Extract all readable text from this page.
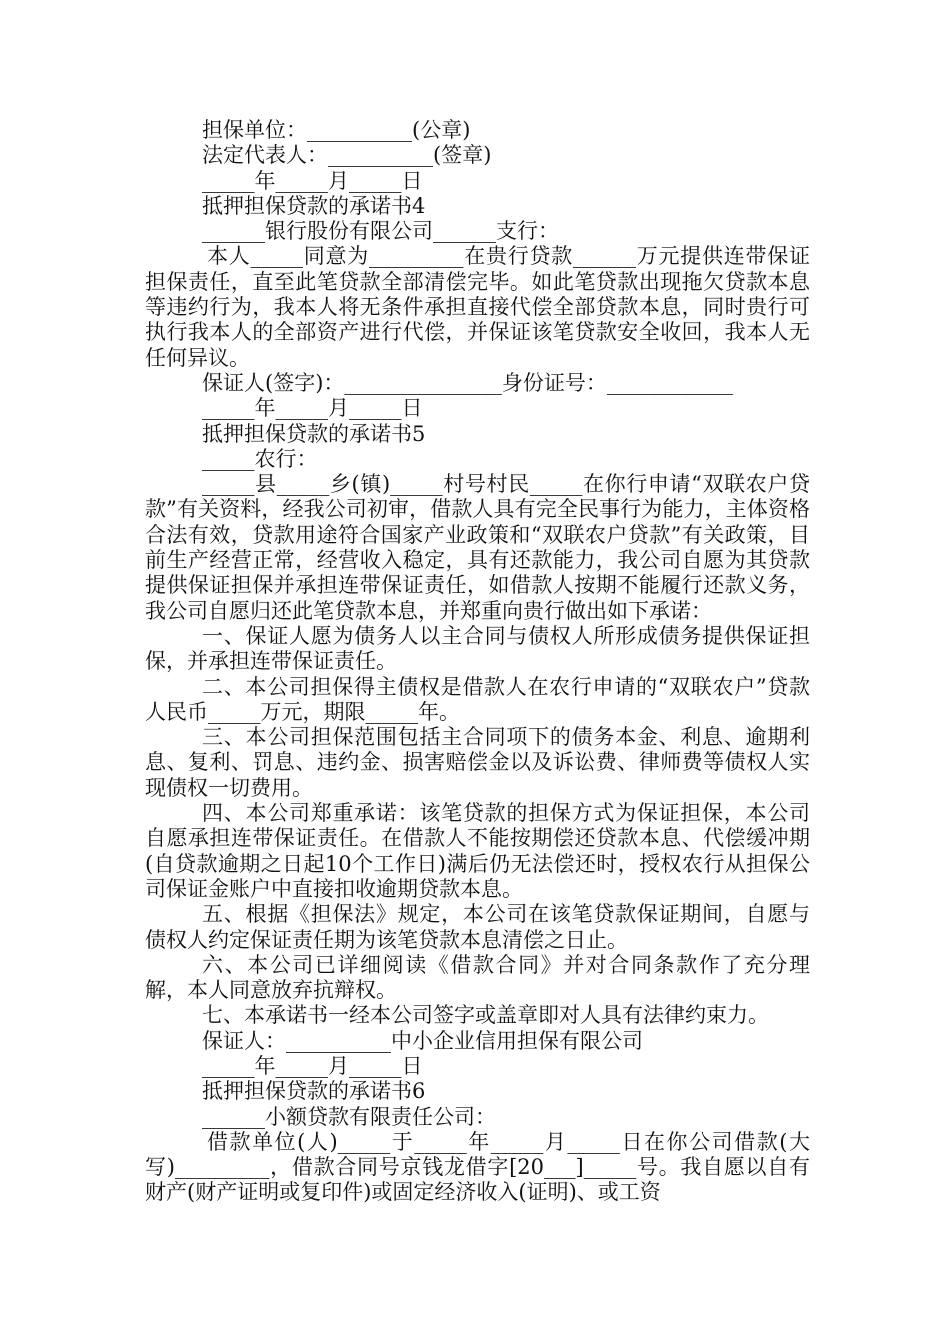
担保单位：__________(公章)

法定代表人：__________(签章)

_____年_____月_____日

抵押担保贷款的承诺书4

______银行股份有限公司______支行：

本人_____同意为_________在贵行贷款______万元提供连带保证担保责任，直至此笔贷款全部清偿完毕。如此笔贷款出现拖欠贷款本息等违约行为，我本人将无条件承担直接代偿全部贷款本息，同时贵行可执行我本人的全部资产进行代偿，并保证该笔贷款安全收回，我本人无任何异议。

保证人(签字)：_______________身份证号：____________

_____年_____月_____日

抵押担保贷款的承诺书5

_____农行：

_____县_____乡(镇)_____村号村民_____在你行申请“双联农户贷款”有关资料，经我公司初审，借款人具有完全民事行为能力，主体资格合法有效，贷款用途符合国家产业政策和“双联农户贷款”有关政策，目前生产经营正常，经营收入稳定，具有还款能力，我公司自愿为其贷款提供保证担保并承担连带保证责任，如借款人按期不能履行还款义务，我公司自愿归还此笔贷款本息，并郑重向贵行做出如下承诺：

一、保证人愿为债务人以主合同与债权人所形成债务提供保证担保，并承担连带保证责任。

二、本公司担保得主债权是借款人在农行申请的“双联农户”贷款人民币_____万元，期限_____年。

三、本公司担保范围包括主合同项下的债务本金、利息、逾期利息、复利、罚息、违约金、损害赔偿金以及诉讼费、律师费等债权人实现债权一切费用。

四、本公司郑重承诺：该笔贷款的担保方式为保证担保，本公司自愿承担连带保证责任。在借款人不能按期偿还贷款本息、代偿缓冲期(自贷款逾期之日起10个工作日)满后仍无法偿还时，授权农行从担保公司保证金账户中直接扣收逾期贷款本息。

五、根据《担保法》规定，本公司在该笔贷款保证期间，自愿与债权人约定保证责任期为该笔贷款本息清偿之日止。

六、本公司已详细阅读《借款合同》并对合同条款作了充分理解，本人同意放弃抗辩权。

七、本承诺书一经本公司签字或盖章即对人具有法律约束力。

保证人：__________中小企业信用担保有限公司

_____年_____月_____日

抵押担保贷款的承诺书6

______小额贷款有限责任公司：

借款单位(人)_____于_____年_____月_____日在你公司借款(大写)_________，借款合同号京钱龙借字[20___]_____号。我自愿以自有财产(财产证明或复印件)或固定经济收入(证明)、或工资
